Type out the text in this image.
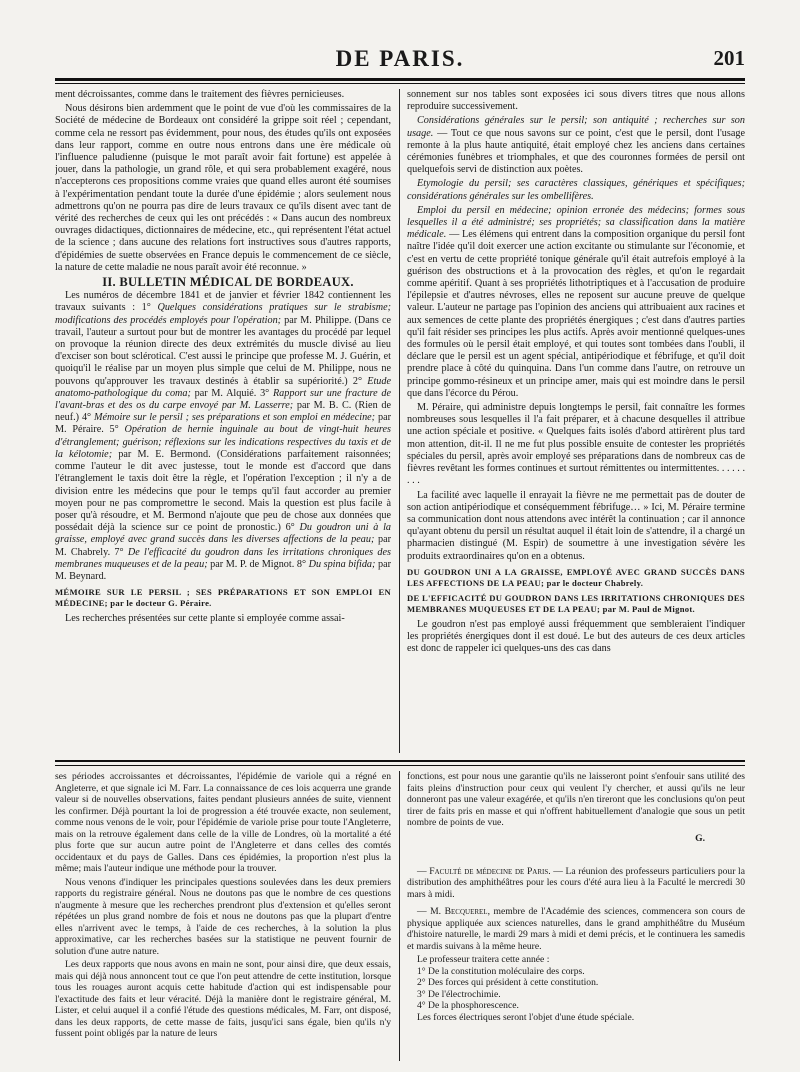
DE PARIS.	201

ment décroissantes, comme dans le traitement des fièvres pernicieuses.

Nous désirons bien ardemment que le point de vue d'où les commissaires de la Société de médecine de Bordeaux ont considéré la grippe soit réel ; cependant, comme cela ne ressort pas évidemment, pour nous, des études qu'ils ont exposées dans leur rapport, comme en outre nous entrons dans une ère médicale où l'influence paludienne (puisque le mot paraît avoir fait fortune) est appelée à jouer, dans la pathologie, un grand rôle, et qui sera probablement exagéré, nous n'accepterons ces propositions comme vraies que quand elles auront été soumises à l'expérimentation pendant toute la durée d'une épidémie ; alors seulement nous admettrons qu'on ne pourra pas dire de leurs travaux ce qu'ils disent avec tant de vérité des recherches de ceux qui les ont précédés : « Dans aucun des nombreux ouvrages didactiques, dictionnaires de médecine, etc., qui représentent l'état actuel de la science ; dans aucune des relations fort instructives sous d'autres rapports, d'épidémies de suette observées en France depuis le commencement de ce siècle, la nature de cette maladie ne nous paraît avoir été reconnue. »

II. BULLETIN MÉDICAL DE BORDEAUX.

Les numéros de décembre 1841 et de janvier et février 1842 contiennent les travaux suivants : 1° Quelques considérations pratiques sur le strabisme; modifications des procédés employés pour l'opération; par M. Philippe. (Dans ce travail, l'auteur a surtout pour but de montrer les avantages du procédé par lequel on provoque la réunion directe des deux extrémités du muscle divisé au lieu d'exciser son bout sclérotical. C'est aussi le principe que professe M. J. Guérin, et quoiqu'il le réalise par un moyen plus simple que celui de M. Philippe, nous ne pouvons qu'approuver les travaux destinés à établir sa supériorité.) 2° Etude anatomo-pathologique du coma; par M. Alquié. 3° Rapport sur une fracture de l'avant-bras et des os du carpe envoyé par M. Lasserre; par M. B. C. (Rien de neuf.) 4° Mémoire sur le persil ; ses préparations et son emploi en médecine; par M. Péraire. 5° Opération de hernie inguinale au bout de vingt-huit heures d'étranglement; guérison; réflexions sur les indications respectives du taxis et de la kélotomie; par M. E. Bermond. (Considérations parfaitement raisonnées; comme l'auteur le dit avec justesse, tout le monde est d'accord que dans l'étranglement le taxis doit être la règle, et l'opération l'exception ; il n'y a de division entre les médecins que pour le temps qu'il faut accorder au premier moyen pour ne pas compromettre le second. Mais la question est plus facile à poser qu'à résoudre, et M. Bermond n'ajoute que peu de chose aux données que possédait déjà la science sur ce point de pronostic.) 6° Du goudron uni à la graisse, employé avec grand succès dans les diverses affections de la peau; par M. Chabrely. 7° De l'efficacité du goudron dans les irritations chroniques des membranes muqueuses et de la peau; par M. P. de Mignot. 8° Du spina bifida; par M. Beynard.

MÉMOIRE SUR LE PERSIL ; SES PRÉPARATIONS ET SON EMPLOI EN MÉDECINE; par le docteur G. Péraire.

Les recherches présentées sur cette plante si employée comme assai-

sonnement sur nos tables sont exposées ici sous divers titres que nous allons reproduire successivement.

Considérations générales sur le persil; son antiquité ; recherches sur son usage. — Tout ce que nous savons sur ce point, c'est que le persil, dont l'usage remonte à la plus haute antiquité, était employé chez les anciens dans certaines cérémonies funèbres et triomphales, et que des couronnes formées de persil ont quelquefois servi de distinction aux poètes.

Etymologie du persil; ses caractères classiques, génériques et spécifiques; considérations générales sur les ombellifères.

Emploi du persil en médecine; opinion erronée des médecins; formes sous lesquelles il a été administré; ses propriétés; sa classification dans la matière médicale. — Les élémens qui entrent dans la composition organique du persil font naître l'idée qu'il doit exercer une action excitante ou stimulante sur l'économie, et c'est en vertu de cette propriété tonique générale qu'il était autrefois employé à la guérison des obstructions et à la provocation des règles, et qu'on le regardait comme apéritif. Quant à ses propriétés lithotriptiques et à l'accusation de produire l'épilepsie et d'autres névroses, elles ne reposent sur aucune preuve de quelque valeur. L'auteur ne partage pas l'opinion des anciens qui attribuaient aux racines et aux semences de cette plante des propriétés énergiques ; c'est dans d'autres parties qu'il fait résider ses principes les plus actifs. Après avoir mentionné quelques-unes des formules où le persil était employé, et qui toutes sont tombées dans l'oubli, il déclare que le persil est un agent spécial, antipériodique et fébrifuge, et qu'il doit prendre place à côté du quinquina. Dans l'un comme dans l'autre, on retrouve un principe gommo-résineux et un principe amer, mais qui est moindre dans le persil que dans l'écorce du Pérou.

M. Péraire, qui administre depuis longtemps le persil, fait connaître les formes nombreuses sous lesquelles il l'a fait préparer, et à chacune desquelles il attribue une action spéciale et positive. « Quelques faits isolés d'abord attirèrent plus tard mon attention, dit-il. Il ne me fut plus possible ensuite de contester les propriétés spéciales du persil, après avoir employé ses préparations dans de nombreux cas de fièvres revêtant les formes continues et surtout rémittentes ou intermittentes. . . . . . . . .

La facilité avec laquelle il enrayait la fièvre ne me permettait pas de douter de son action antipériodique et conséquemment fébrifuge… » Ici, M. Péraire termine sa communication dont nous attendons avec intérêt la continuation ; car il annonce qu'ayant obtenu du persil un résultat auquel il était loin de s'attendre, il a chargé un pharmacien distingué (M. Espir) de soumettre à une investigation sévère les produits extraordinaires qu'on en a obtenus.

DU GOUDRON UNI A LA GRAISSE, EMPLOYÉ AVEC GRAND SUCCÈS DANS LES AFFECTIONS DE LA PEAU; par le docteur Chabrely.

DE L'EFFICACITÉ DU GOUDRON DANS LES IRRITATIONS CHRONIQUES DES MEMBRANES MUQUEUSES ET DE LA PEAU; par M. Paul de Mignot.

Le goudron n'est pas employé aussi fréquemment que sembleraient l'indiquer les propriétés énergiques dont il est doué. Le but des auteurs de ces deux articles est donc de rappeler ici quelques-uns des cas dans

ses périodes accroissantes et décroissantes, l'épidémie de variole qui a régné en Angleterre, et que signale ici M. Farr. La connaissance de ces lois acquerra une grande valeur si de nouvelles observations, faites pendant plusieurs années de suite, viennent les confirmer. Déjà pourtant la loi de progression a été trouvée exacte, non seulement, comme nous venons de le voir, pour l'épidémie de variole prise pour toute l'Angleterre, mais on la retrouve également dans celle de la ville de Londres, où la mortalité a été plus forte que sur aucun autre point de l'Angleterre et dans celles des comtés occidentaux et du pays de Galles. Dans ces épidémies, la proportion n'est plus la même; mais l'auteur indique une méthode pour la trouver.

Nous venons d'indiquer les principales questions soulevées dans les deux premiers rapports du registraire général. Nous ne doutons pas que le nombre de ces questions n'augmente à mesure que les recherches prendront plus d'extension et qu'elles seront répétées un plus grand nombre de fois et nous ne doutons pas que la plupart d'entre elles n'arrivent avec le temps, à l'aide de ces recherches, à la solution la plus approximative, car les recherches basées sur la statistique ne peuvent fournir de solution d'une autre nature.

Les deux rapports que nous avons en main ne sont, pour ainsi dire, que deux essais, mais qui déjà nous annoncent tout ce que l'on peut attendre de cette institution, lorsque tous les rouages auront acquis cette habitude d'action qui est indispensable pour l'exactitude des faits et leur véracité. Déjà la manière dont le registraire général, M. Lister, et celui auquel il a confié l'étude des questions médicales, M. Farr, ont disposé, dans les deux rapports, de cette masse de faits, jusqu'ici sans égale, bien qu'ils n'y fussent point obligés par la nature de leurs

fonctions, est pour nous une garantie qu'ils ne laisseront point s'enfouir sans utilité des faits pleins d'instruction pour ceux qui veulent l'y chercher, et aussi qu'ils ne leur donneront pas une valeur exagérée, et qu'ils n'en tireront que les conclusions qu'on peut tirer de faits pris en masse et qui n'offrent habituellement d'analogie que sous un petit nombre de points de vue.

G.

— Faculté de médecine de Paris. — La réunion des professeurs particuliers pour la distribution des amphithéâtres pour les cours d'été aura lieu à la Faculté le mercredi 30 mars à midi.

— M. Becquerel, membre de l'Académie des sciences, commencera son cours de physique appliquée aux sciences naturelles, dans le grand amphithéâtre du Muséum d'histoire naturelle, le mardi 29 mars à midi et demi précis, et le continuera les samedis et mardis suivans à la même heure.

Le professeur traitera cette année :

1° De la constitution moléculaire des corps.

2° Des forces qui président à cette constitution.

3° De l'électrochimie.

4° De la phosphorescence.

Les forces électriques seront l'objet d'une étude spéciale.
